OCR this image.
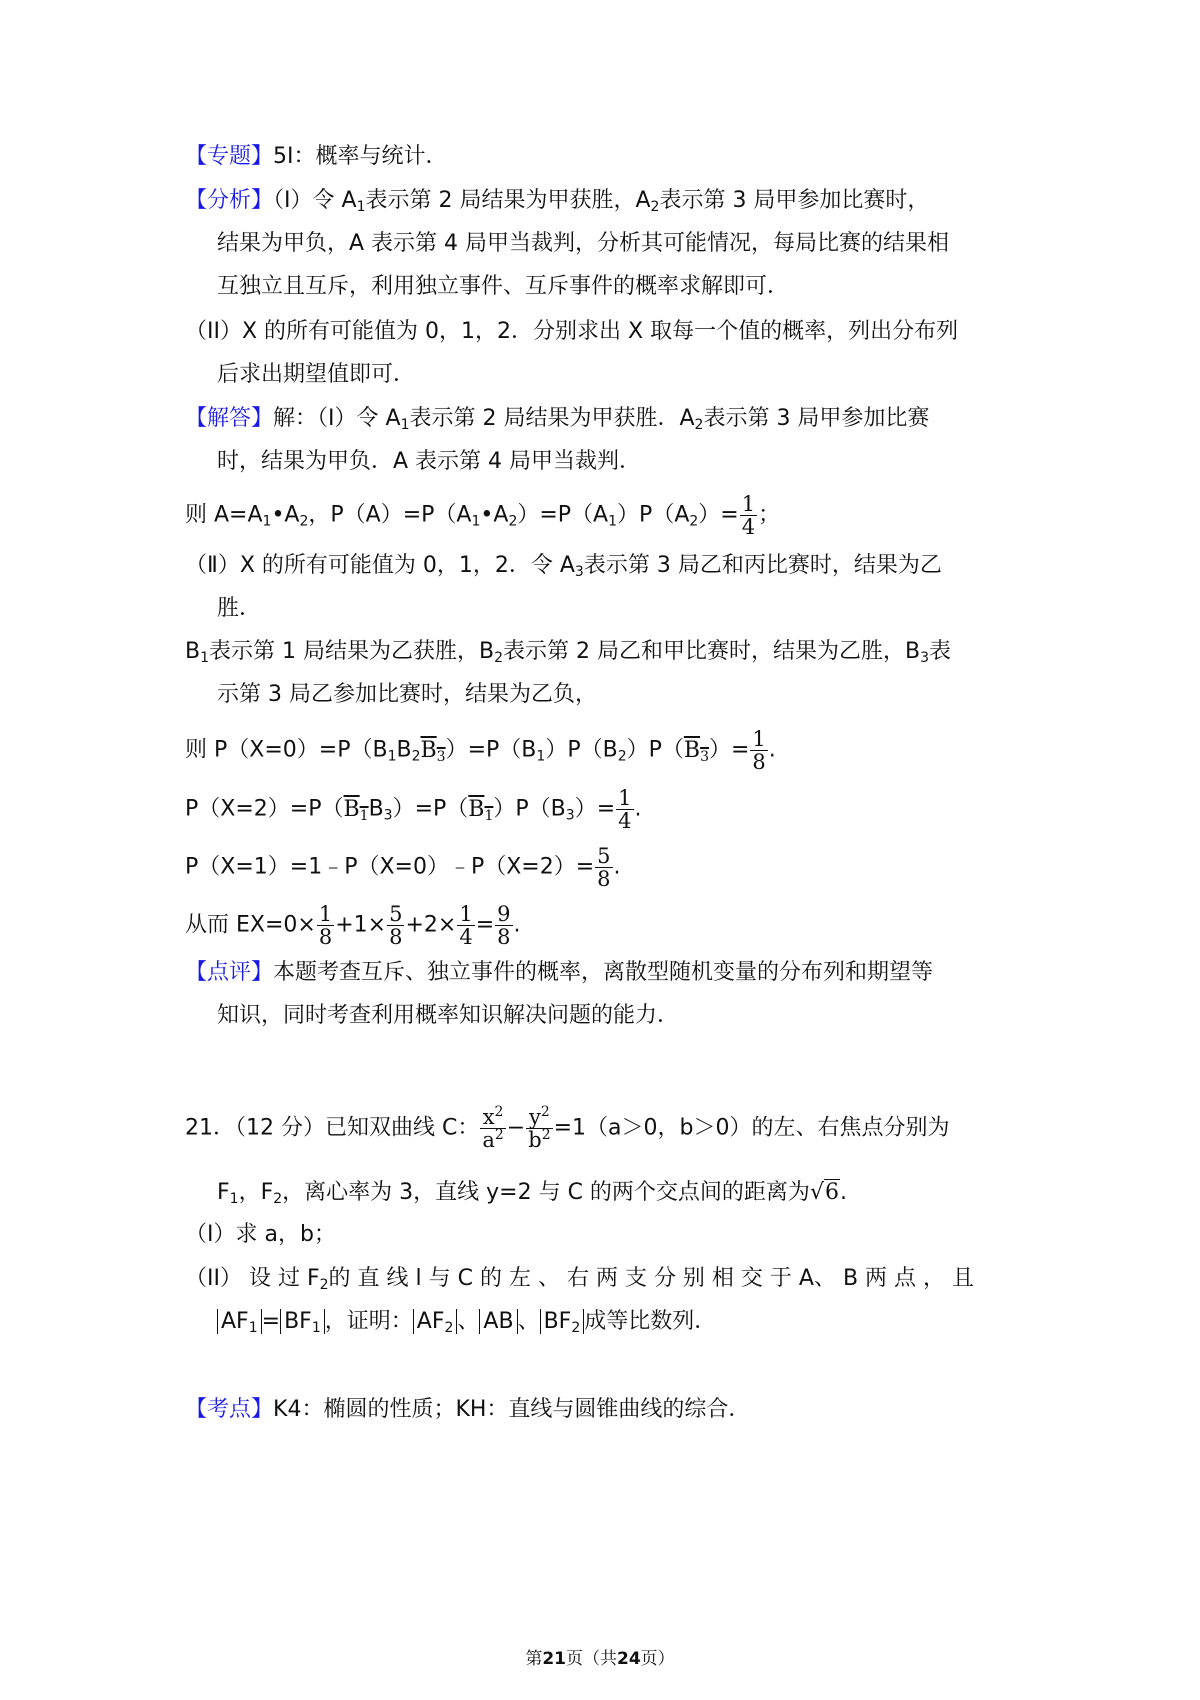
【专题】5I：概率与统计．
【分析】（I）令 $A_1$表示第 2 局结果为甲获胜，$A_2$表示第 3 局甲参加比赛时，
结果为甲负，A 表示第 4 局甲当裁判，分析其可能情况，每局比赛的结果相
互独立且互斥，利用独立事件、互斥事件的概率求解即可．
（II）X 的所有可能值为 0，1，2．分别求出 X 取每一个值的概率，列出分布列
后求出期望值即可．
【解答】解：（I）令 $A_1$表示第 2 局结果为甲获胜．$A_2$表示第 3 局甲参加比赛
时，结果为甲负．A 表示第 4 局甲当裁判．
则 $A=A_1•A_2$，$P(A)=P(A_1•A_2)=P(A_1)P(A_2)= \frac{1}{4}$ ；
（Ⅱ）X 的所有可能值为 0，1，2．令 $A_3$表示第 3 局乙和丙比赛时，结果为乙
胜．
$B_1$表示第 1 局结果为乙获胜，$B_2$表示第 2 局乙和甲比赛时，结果为乙胜，$B_3$表
示第 3 局乙参加比赛时，结果为乙负，
则 $P(X=0)=P(B_1B_2B_3)=P(B_1)P(B_2)P(B_3)= \frac{1}{8}$ .
$P(X=2)=P(B_1B_3)=P(B_1)P(B_3)= \frac{1}{4}$ .
P（X=1）=1﹣P（X=0）﹣P（X=2）= $\frac{5}{8}$ .
从而 $EX=0\times \frac{1}{8} +1\times \frac{5}{8} +2\times \frac{1}{4} = \frac{9}{8}$ .
【点评】本题考查互斥、独立事件的概率，离散型随机变量的分布列和期望等
知识，同时考查利用概率知识解决问题的能力．
21．（12 分）已知双曲线 C： $\frac{x^2}{a^2} - \frac{y^2}{b^2} =1(a>0$，b＞0）的左、右焦点分别为
$F_1$，$F_2$，离心率为 3，直线 y=2 与 C 的两个交点间的距离为√6.
（I）求 a，b；
（II） 设 过 $F_2$的 直 线 l 与 C 的 左 、 右 两 支 分 别 相 交 于 A、 B 两 点 ， 且
$AF_1 = BF_1$ ，证明： $AF_2$ 、 AB 、 $BF_2$ 成等比数列．
【考点】K4：椭圆的性质；KH：直线与圆锥曲线的综合．
第21页（共24页）
